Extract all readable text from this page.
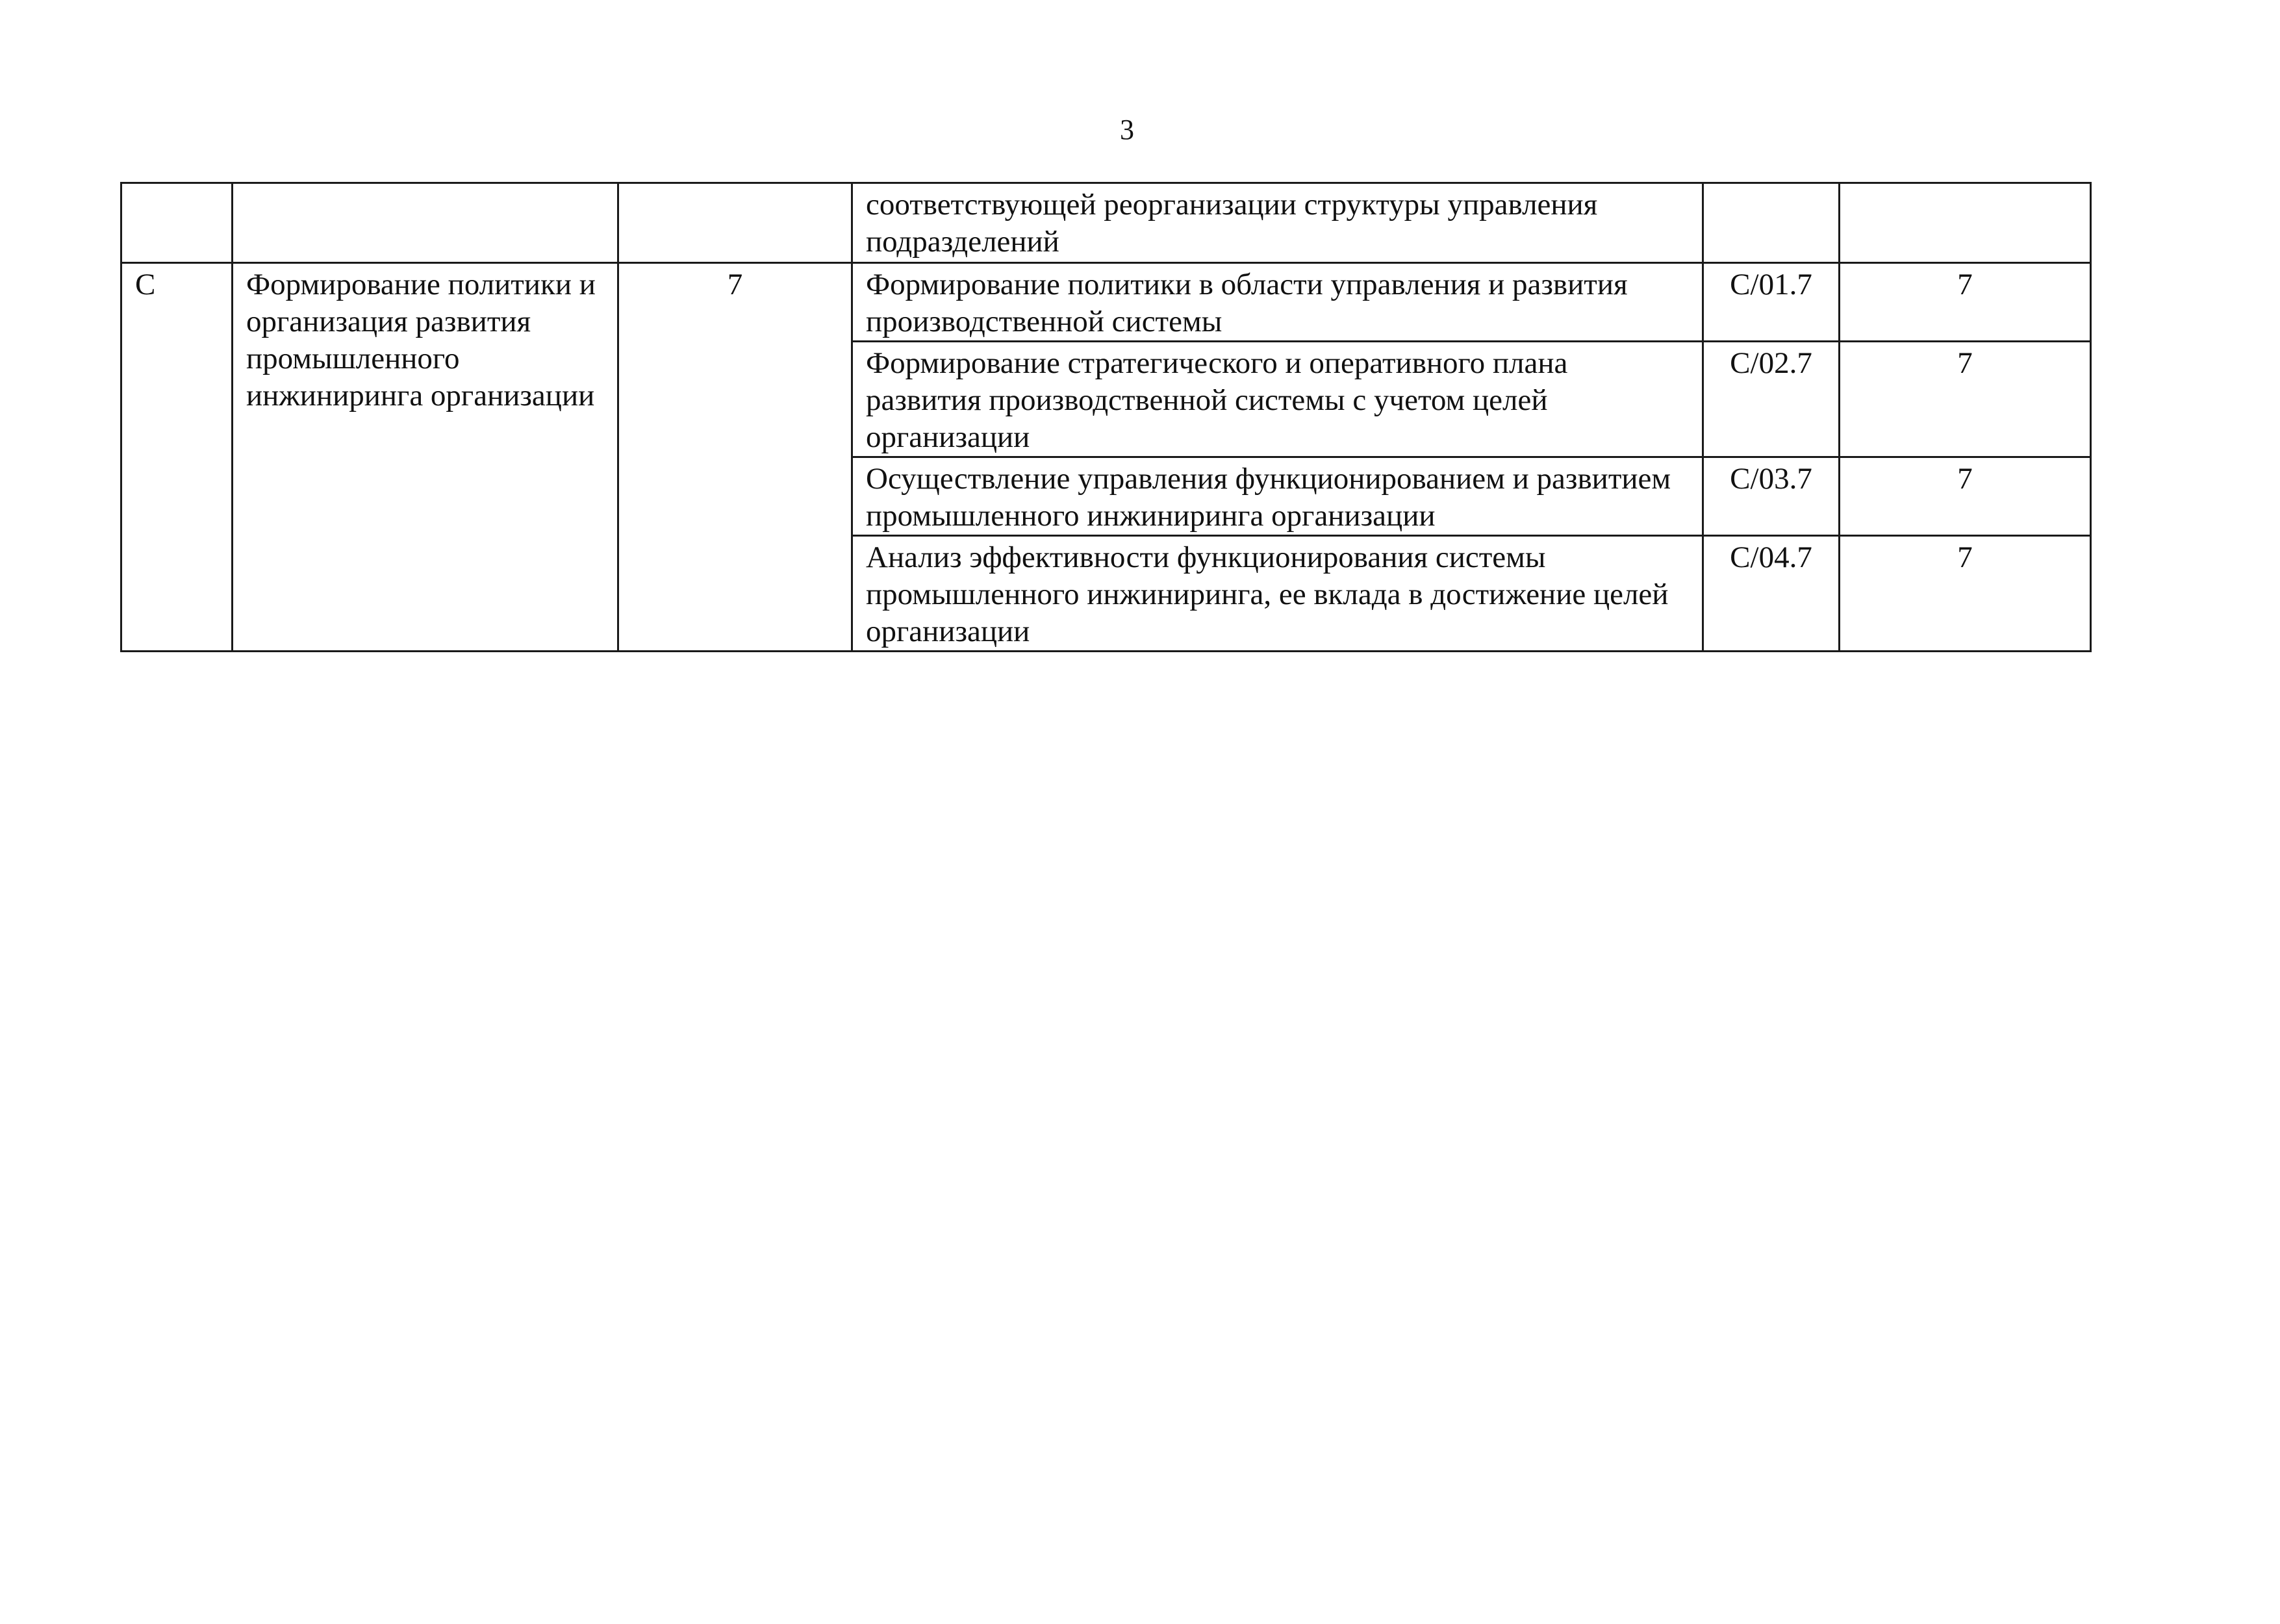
3
			соответствующей реорганизации структуры управления подразделений		
C	Формирование политики и организация развития промышленного инжиниринга организации	7	Формирование политики в области управления и развития производственной системы	C/01.7	7
			Формирование стратегического и оперативного плана развития производственной системы с учетом целей организации	C/02.7	7
			Осуществление управления функционированием и развитием промышленного инжиниринга организации	C/03.7	7
			Анализ эффективности функционирования системы промышленного инжиниринга, ее вклада в достижение целей организации	C/04.7	7
